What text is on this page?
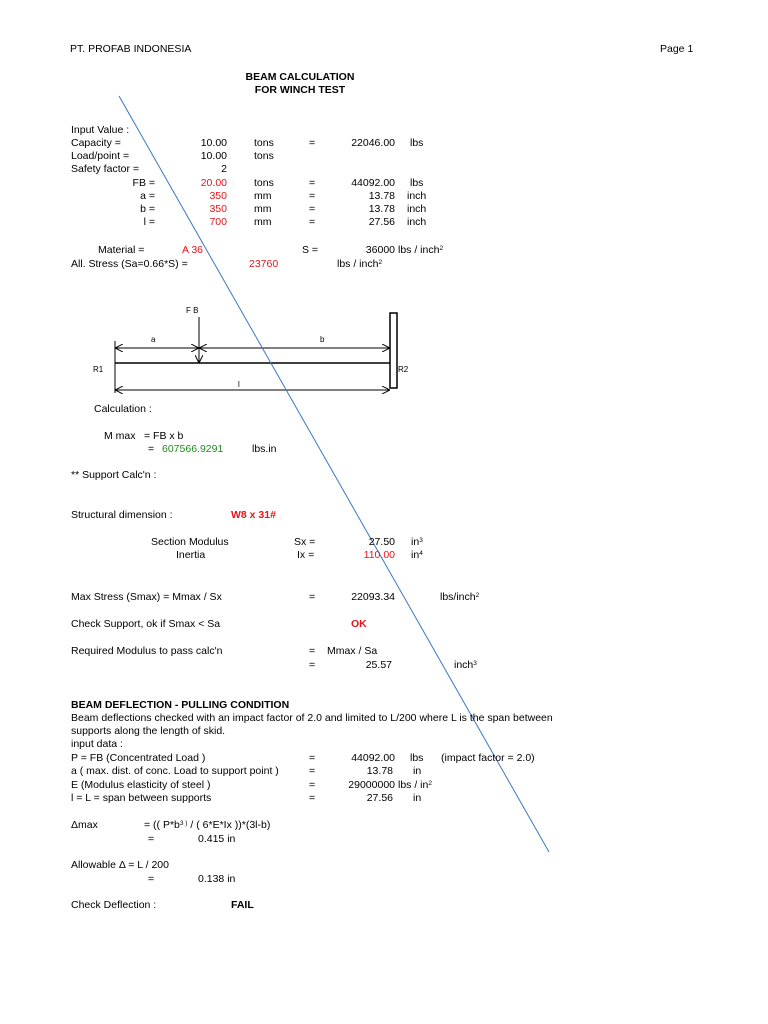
PT. PROFAB INDONESIA	Page 1
BEAM CALCULATION
FOR WINCH TEST
Input Value :
Capacity =	10.00	tons	=	22046.00 lbs
Load/point =	10.00	tons
Safety factor =	2
FB =	20.00	tons	=	44092.00 lbs
a =	350	mm	=	13.78 inch
b =	350	mm	=	13.78 inch
l =	700	mm	=	27.56 inch
Material =	A 36	S =	36000 lbs / inch$^2$
All. Stress (Sa=0.66*S) =	23760	lbs / inch$^2$
F B
a	b
R1	R2
l
Calculation :
M max = FB x b
= 607566.9291	lbs.in
** Support Calc'n :
Structural dimension :	W8 x 31#
Section Modulus	Sx =	27.50 $in^3$
Inertia	Ix =	110.00 $in^4$
Max Stress (Smax) = Mmax / Sx	=	22093.34	lbs/inch$^2$
Check Support, ok if Smax < Sa	OK
Required Modulus to pass calc'n	= Mmax / Sa
=	25.57	inch$^3$
BEAM DEFLECTION - PULLING CONDITION
Beam deflections checked with an impact factor of 2.0 and limited to L/200 where L is the span between
supports along the length of skid.
input data :
P = FB (Concentrated Load )	=	44092.00 lbs (impact factor = 2.0)
a ( max. dist. of conc. Load to support point )	=	13.78 in
E (Modulus elasticity of steel )	=	29000000 lbs / $in^2$
l = L = span between supports	=	27.56 in
Δmax	= (( $P*b^{3 )}$ / ( 6*E*Ix ))*(3l-b)
=	0.415 in
Allowable Δ = L / 200
=	0.138 in
Check Deflection :	FAIL
